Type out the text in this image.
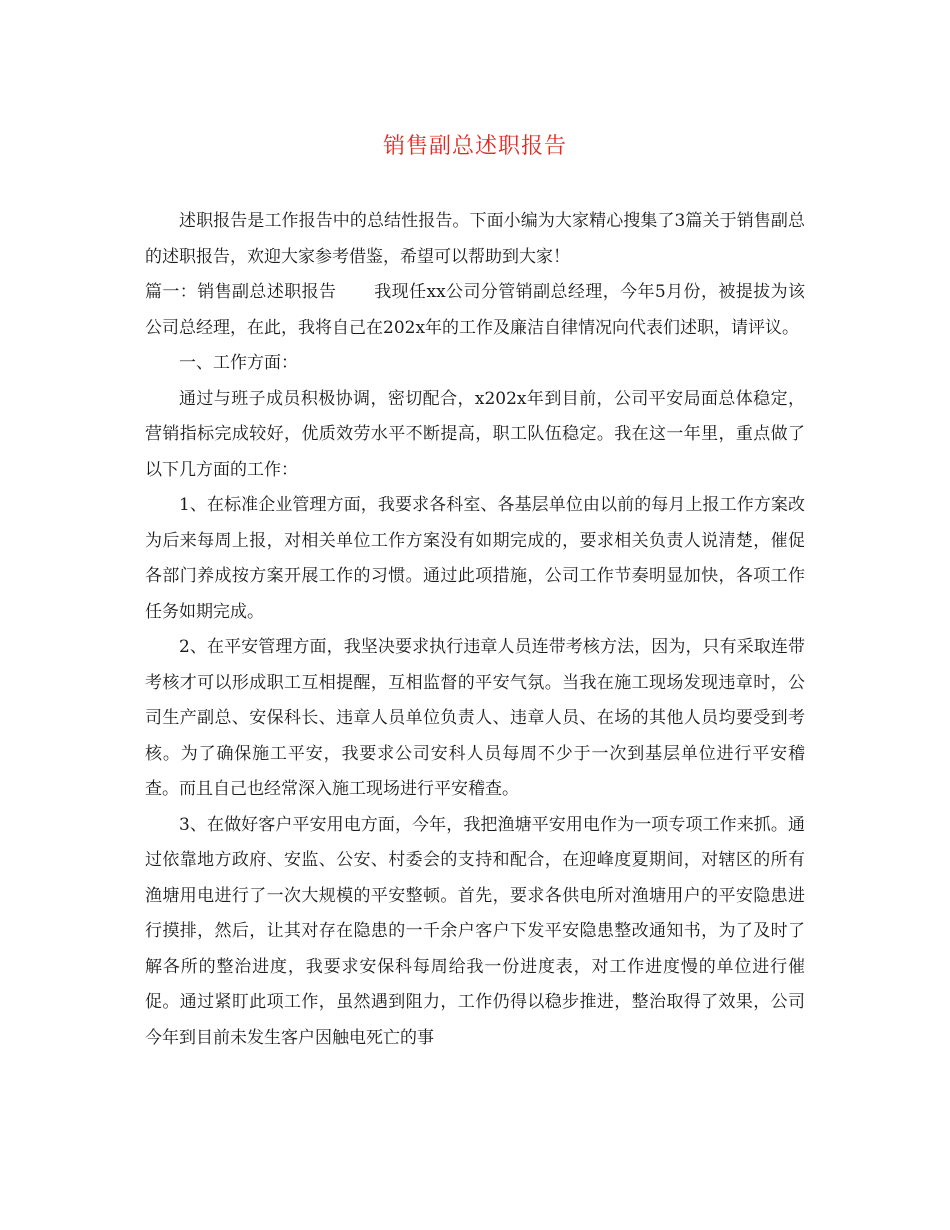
销售副总述职报告

述职报告是工作报告中的总结性报告。下面小编为大家精心搜集了3篇关于销售副总的述职报告，欢迎大家参考借鉴，希望可以帮助到大家！

篇一：销售副总述职报告 我现任xx公司分管销副总经理，今年5月份，被提拔为该公司总经理，在此，我将自己在202x年的工作及廉洁自律情况向代表们述职，请评议。

一、工作方面：

通过与班子成员积极协调，密切配合，x202x年到目前，公司平安局面总体稳定，营销指标完成较好，优质效劳水平不断提高，职工队伍稳定。我在这一年里，重点做了以下几方面的工作：

1、在标准企业管理方面，我要求各科室、各基层单位由以前的每月上报工作方案改为后来每周上报，对相关单位工作方案没有如期完成的，要求相关负责人说清楚，催促各部门养成按方案开展工作的习惯。通过此项措施，公司工作节奏明显加快，各项工作任务如期完成。

2、在平安管理方面，我坚决要求执行违章人员连带考核方法，因为，只有采取连带考核才可以形成职工互相提醒，互相监督的平安气氛。当我在施工现场发现违章时，公司生产副总、安保科长、违章人员单位负责人、违章人员、在场的其他人员均要受到考核。为了确保施工平安，我要求公司安科人员每周不少于一次到基层单位进行平安稽查。而且自己也经常深入施工现场进行平安稽查。

3、在做好客户平安用电方面，今年，我把渔塘平安用电作为一项专项工作来抓。通过依靠地方政府、安监、公安、村委会的支持和配合，在迎峰度夏期间，对辖区的所有渔塘用电进行了一次大规模的平安整顿。首先，要求各供电所对渔塘用户的平安隐患进行摸排，然后，让其对存在隐患的一千余户客户下发平安隐患整改通知书，为了及时了解各所的整治进度，我要求安保科每周给我一份进度表，对工作进度慢的单位进行催促。通过紧盯此项工作，虽然遇到阻力，工作仍得以稳步推进，整治取得了效果，公司今年到目前未发生客户因触电死亡的事
